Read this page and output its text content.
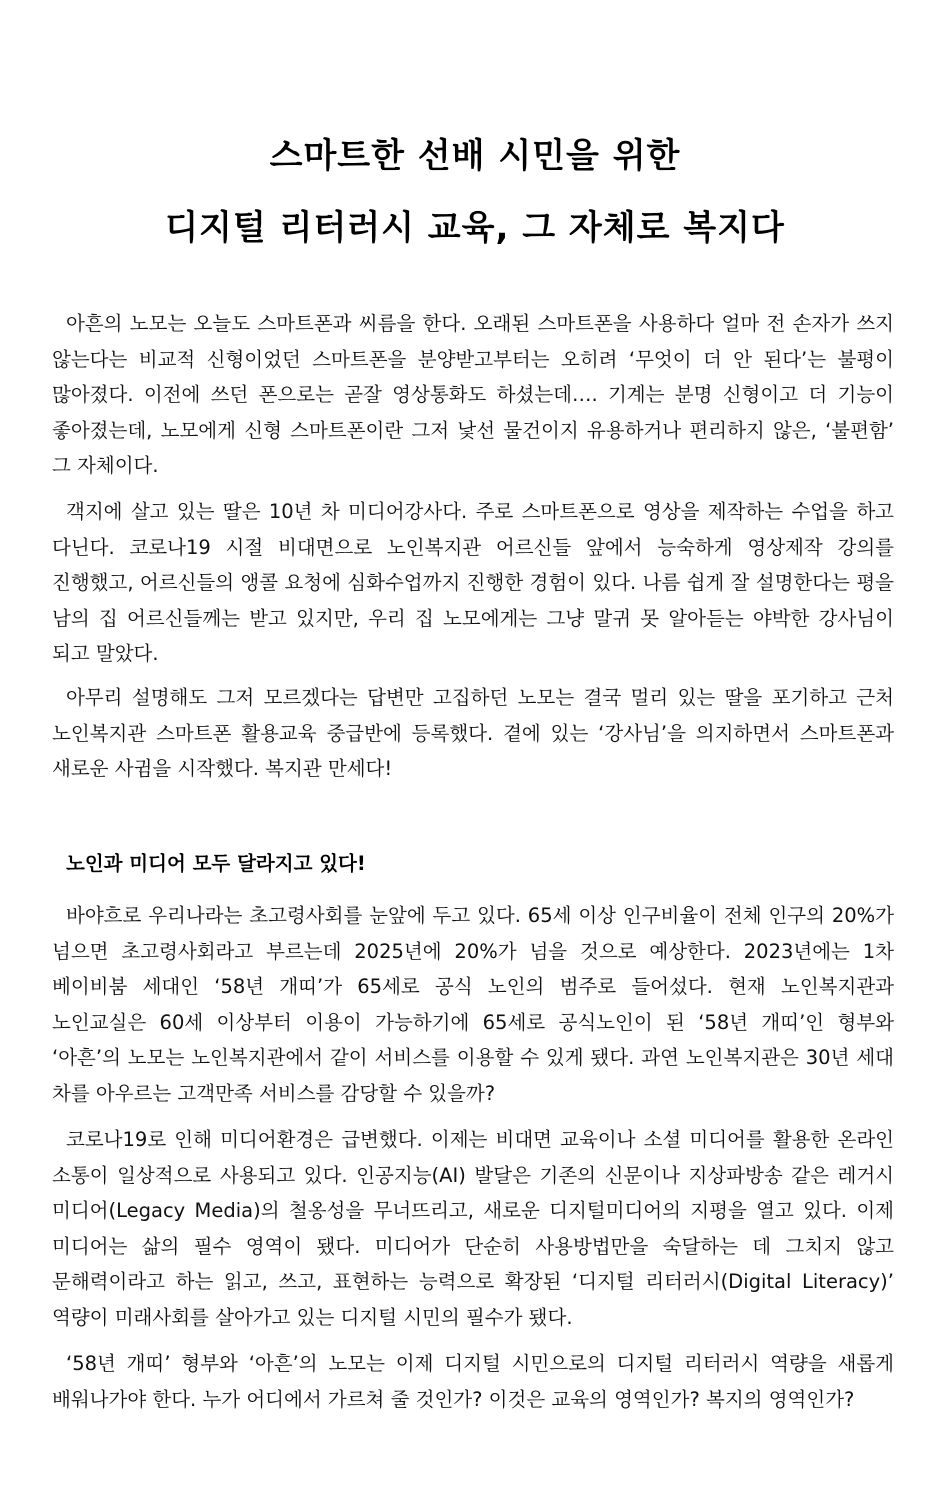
스마트한 선배 시민을 위한
디지털 리터러시 교육, 그 자체로 복지다

아흔의 노모는 오늘도 스마트폰과 씨름을 한다. 오래된 스마트폰을 사용하다 얼마 전 손자가 쓰지 않는다는 비교적 신형이었던 스마트폰을 분양받고부터는 오히려 ‘무엇이 더 안 된다’는 불평이 많아졌다. 이전에 쓰던 폰으로는 곧잘 영상통화도 하셨는데…. 기계는 분명 신형이고 더 기능이 좋아졌는데, 노모에게 신형 스마트폰이란 그저 낯선 물건이지 유용하거나 편리하지 않은, ‘불편함’ 그 자체이다.

객지에 살고 있는 딸은 10년 차 미디어강사다. 주로 스마트폰으로 영상을 제작하는 수업을 하고 다닌다. 코로나19 시절 비대면으로 노인복지관 어르신들 앞에서 능숙하게 영상제작 강의를 진행했고, 어르신들의 앵콜 요청에 심화수업까지 진행한 경험이 있다. 나름 쉽게 잘 설명한다는 평을 남의 집 어르신들께는 받고 있지만, 우리 집 노모에게는 그냥 말귀 못 알아듣는 야박한 강사님이 되고 말았다.

아무리 설명해도 그저 모르겠다는 답변만 고집하던 노모는 결국 멀리 있는 딸을 포기하고 근처 노인복지관 스마트폰 활용교육 중급반에 등록했다. 곁에 있는 ‘강사님’을 의지하면서 스마트폰과 새로운 사귐을 시작했다. 복지관 만세다!

노인과 미디어 모두 달라지고 있다!

바야흐로 우리나라는 초고령사회를 눈앞에 두고 있다. 65세 이상 인구비율이 전체 인구의 20%가 넘으면 초고령사회라고 부르는데 2025년에 20%가 넘을 것으로 예상한다. 2023년에는 1차 베이비붐 세대인 ‘58년 개띠’가 65세로 공식 노인의 범주로 들어섰다. 현재 노인복지관과 노인교실은 60세 이상부터 이용이 가능하기에 65세로 공식노인이 된 ‘58년 개띠’인 형부와 ‘아흔’의 노모는 노인복지관에서 같이 서비스를 이용할 수 있게 됐다. 과연 노인복지관은 30년 세대 차를 아우르는 고객만족 서비스를 감당할 수 있을까?

코로나19로 인해 미디어환경은 급변했다. 이제는 비대면 교육이나 소셜 미디어를 활용한 온라인 소통이 일상적으로 사용되고 있다. 인공지능(AI) 발달은 기존의 신문이나 지상파방송 같은 레거시 미디어(Legacy Media)의 철옹성을 무너뜨리고, 새로운 디지털미디어의 지평을 열고 있다. 이제 미디어는 삶의 필수 영역이 됐다. 미디어가 단순히 사용방법만을 숙달하는 데 그치지 않고 문해력이라고 하는 읽고, 쓰고, 표현하는 능력으로 확장된 ‘디지털 리터러시(Digital Literacy)’ 역량이 미래사회를 살아가고 있는 디지털 시민의 필수가 됐다.

‘58년 개띠’ 형부와 ‘아흔’의 노모는 이제 디지털 시민으로의 디지털 리터러시 역량을 새롭게 배워나가야 한다. 누가 어디에서 가르쳐 줄 것인가? 이것은 교육의 영역인가? 복지의 영역인가?
